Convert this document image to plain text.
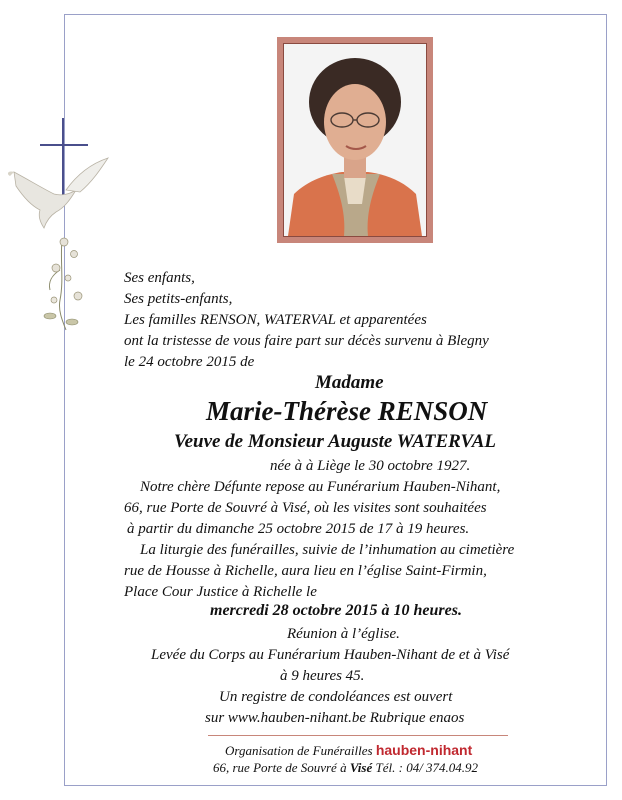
Ses enfants,
Ses petits-enfants,
Les familles RENSON, WATERVAL et apparentées
ont la tristesse de vous faire part sur décès survenu à Blegny
le 24 octobre 2015 de
Madame
Marie-Thérèse RENSON
Veuve de Monsieur Auguste WATERVAL
née à à Liège le 30 octobre 1927.
Notre chère Défunte repose au Funérarium Hauben-Nihant,
66, rue Porte de Souvré à Visé, où les visites sont souhaitées
à partir du dimanche 25 octobre 2015 de 17 à 19 heures.
La liturgie des funérailles, suivie de l’inhumation au cimetière
rue de Housse à Richelle, aura lieu en l’église Saint-Firmin,
Place Cour Justice à Richelle le
mercredi 28 octobre 2015 à 10 heures.
Réunion à l’église.
Levée du Corps au Funérarium Hauben-Nihant de et à Visé
à 9 heures 45.
Un registre de condoléances est ouvert
sur www.hauben-nihant.be Rubrique enaos
Organisation de Funérailles hauben-nihant
66, rue Porte de Souvré à Visé Tél. : 04/ 374.04.92
